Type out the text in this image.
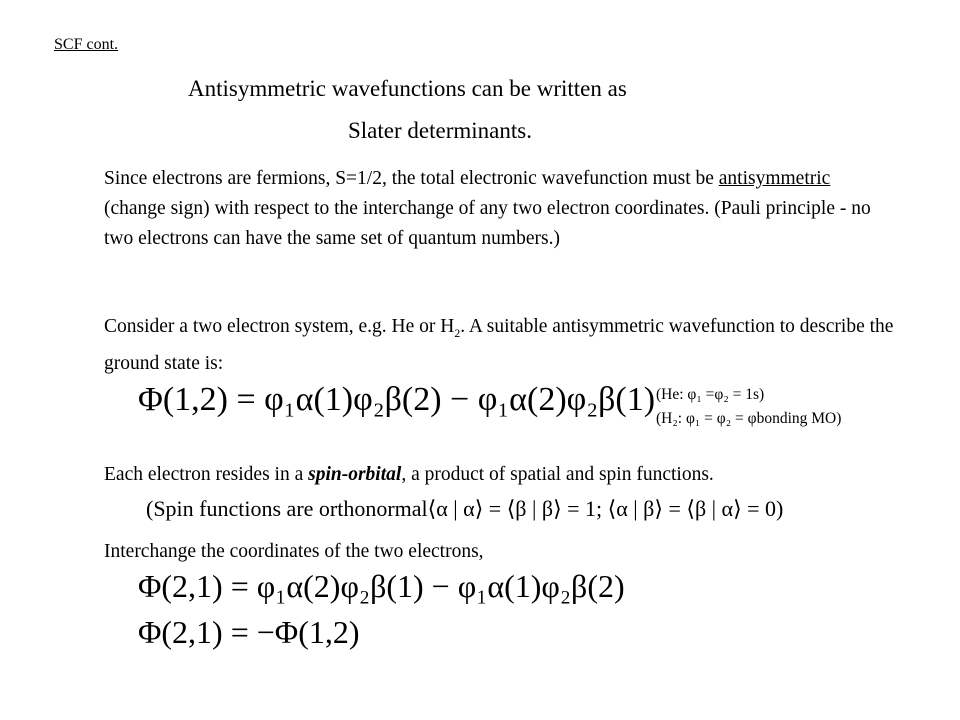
SCF cont.
Antisymmetric wavefunctions can be written as
Slater determinants.
Since electrons are fermions, S=1/2, the total electronic wavefunction must be antisymmetric (change sign) with respect to the interchange of any two electron coordinates. (Pauli principle - no two electrons can have the same set of quantum numbers.)
Consider a two electron system, e.g. He or $H_2$. A suitable antisymmetric wavefunction to describe the ground state is:
Φ(1,2) = φ₁α(1)φ₂β(2) − φ₁α(2)φ₂β(1) (He: φ₁ =φ₂ = 1s)
(H₂: φ₁ = φ₂ = φbonding MO)
Each electron resides in a spin-orbital, a product of spatial and spin functions.
(Spin functions are orthonormal⟨α | α⟩ = ⟨β | β⟩ = 1; ⟨α | β⟩ = ⟨β | α⟩ = 0)
Interchange the coordinates of the two electrons,
Φ(2,1) = φ₁α(2)φ₂β(1) − φ₁α(1)φ₂β(2)
Φ(2,1) = −Φ(1,2)
